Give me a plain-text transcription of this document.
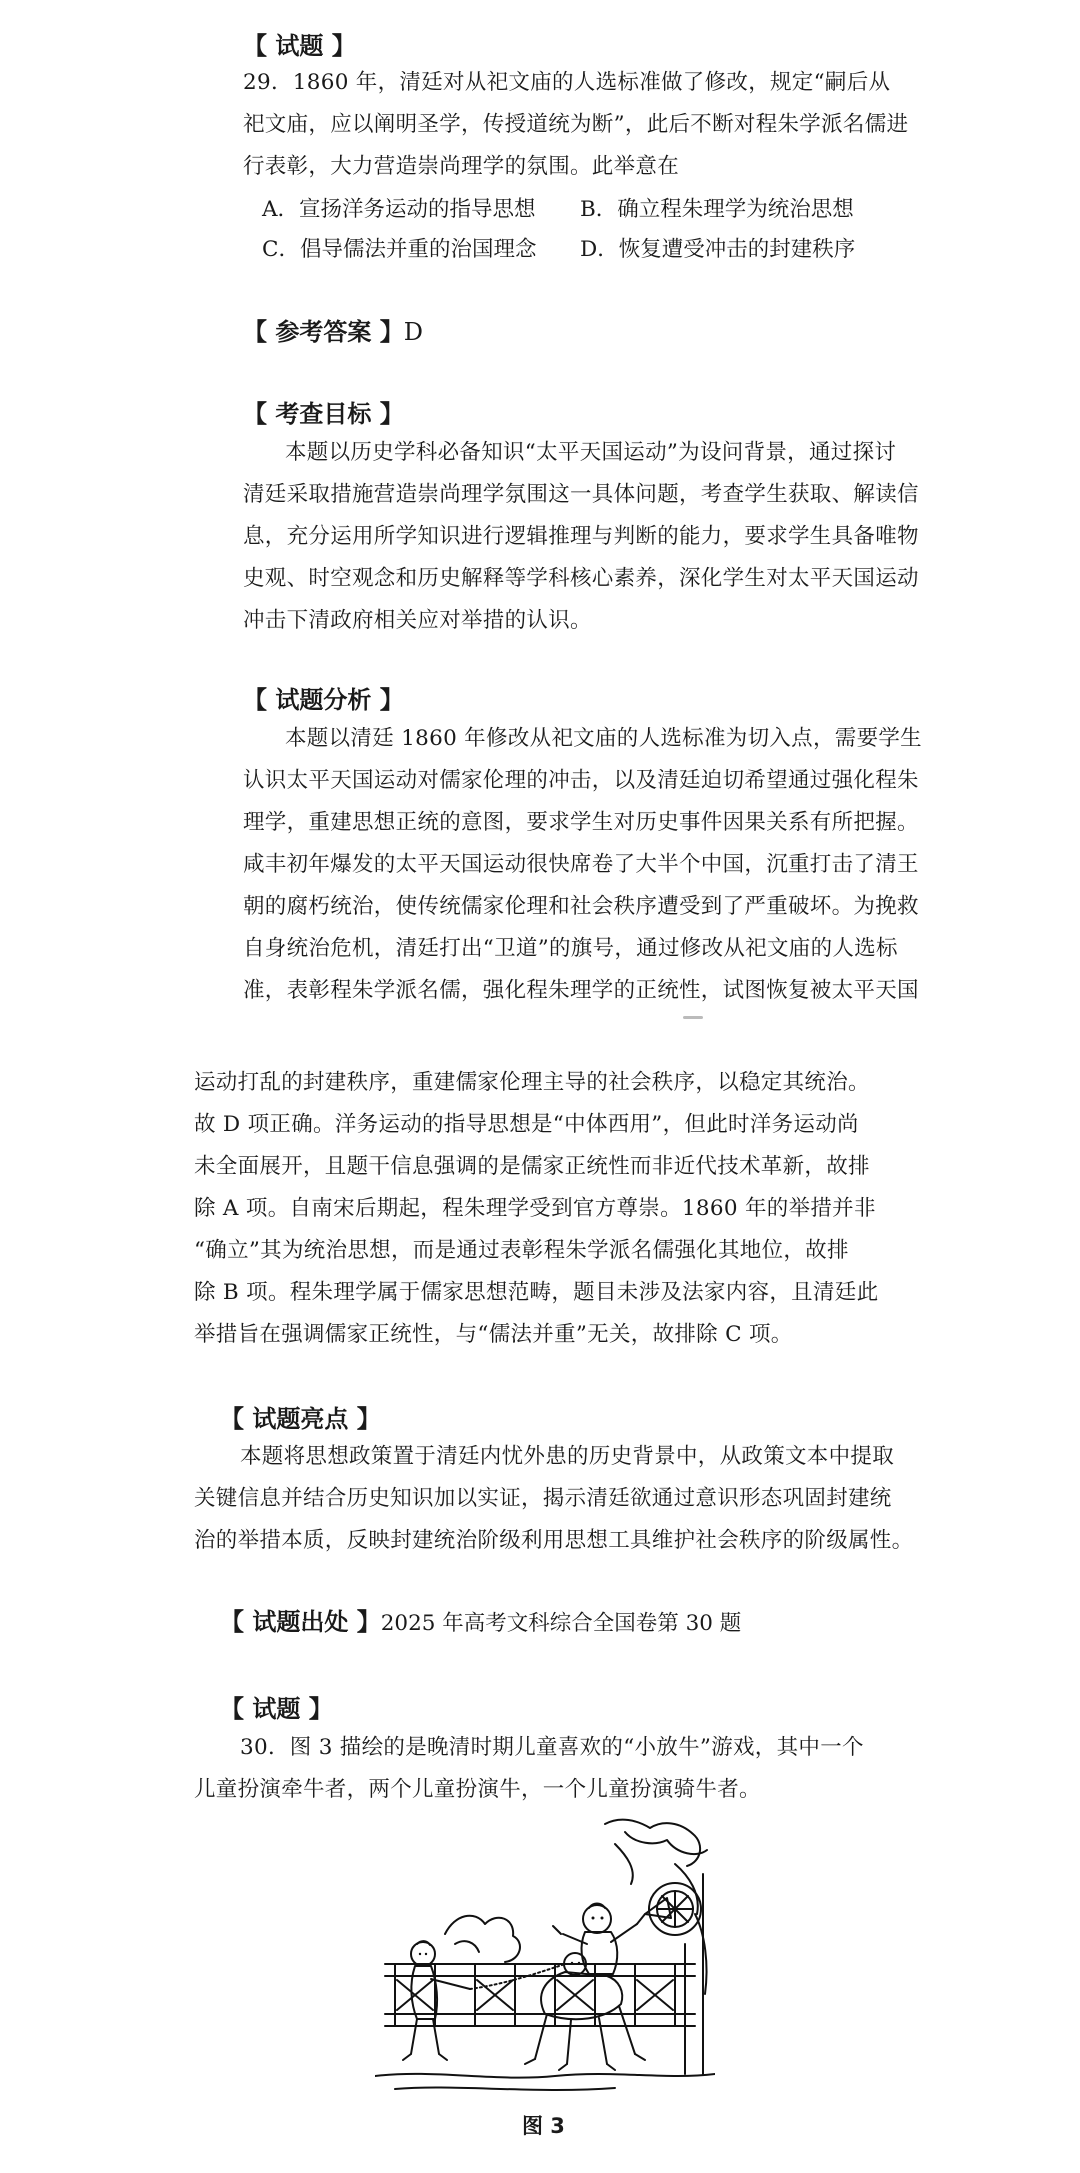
【 试题 】
29．1860 年，清廷对从祀文庙的人选标准做了修改，规定“嗣后从
祀文庙，应以阐明圣学，传授道统为断”，此后不断对程朱学派名儒进
行表彰，大力营造崇尚理学的氛围。此举意在
A．宣扬洋务运动的指导思想 B．确立程朱理学为统治思想
C．倡导儒法并重的治国理念 D．恢复遭受冲击的封建秩序
【 参考答案 】D
【 考查目标 】
本题以历史学科必备知识“太平天国运动”为设问背景，通过探讨
清廷采取措施营造崇尚理学氛围这一具体问题，考查学生获取、解读信
息，充分运用所学知识进行逻辑推理与判断的能力，要求学生具备唯物
史观、时空观念和历史解释等学科核心素养，深化学生对太平天国运动
冲击下清政府相关应对举措的认识。
【 试题分析 】
本题以清廷 1860 年修改从祀文庙的人选标准为切入点，需要学生
认识太平天国运动对儒家伦理的冲击，以及清廷迫切希望通过强化程朱
理学，重建思想正统的意图，要求学生对历史事件因果关系有所把握。
咸丰初年爆发的太平天国运动很快席卷了大半个中国，沉重打击了清王
朝的腐朽统治，使传统儒家伦理和社会秩序遭受到了严重破坏。为挽救
自身统治危机，清廷打出“卫道”的旗号，通过修改从祀文庙的人选标
准，表彰程朱学派名儒，强化程朱理学的正统性，试图恢复被太平天国
运动打乱的封建秩序，重建儒家伦理主导的社会秩序，以稳定其统治。
故 D 项正确。洋务运动的指导思想是“中体西用”，但此时洋务运动尚
未全面展开，且题干信息强调的是儒家正统性而非近代技术革新，故排
除 A 项。自南宋后期起，程朱理学受到官方尊崇。1860 年的举措并非
“确立”其为统治思想，而是通过表彰程朱学派名儒强化其地位，故排
除 B 项。程朱理学属于儒家思想范畴，题目未涉及法家内容，且清廷此
举措旨在强调儒家正统性，与“儒法并重”无关，故排除 C 项。
【 试题亮点 】
本题将思想政策置于清廷内忧外患的历史背景中，从政策文本中提取
关键信息并结合历史知识加以实证，揭示清廷欲通过意识形态巩固封建统
治的举措本质，反映封建统治阶级利用思想工具维护社会秩序的阶级属性。
【 试题出处 】2025 年高考文科综合全国卷第 30 题
【 试题 】
30．图 3 描绘的是晚清时期儿童喜欢的“小放牛”游戏，其中一个
儿童扮演牵牛者，两个儿童扮演牛，一个儿童扮演骑牛者。
图 3
